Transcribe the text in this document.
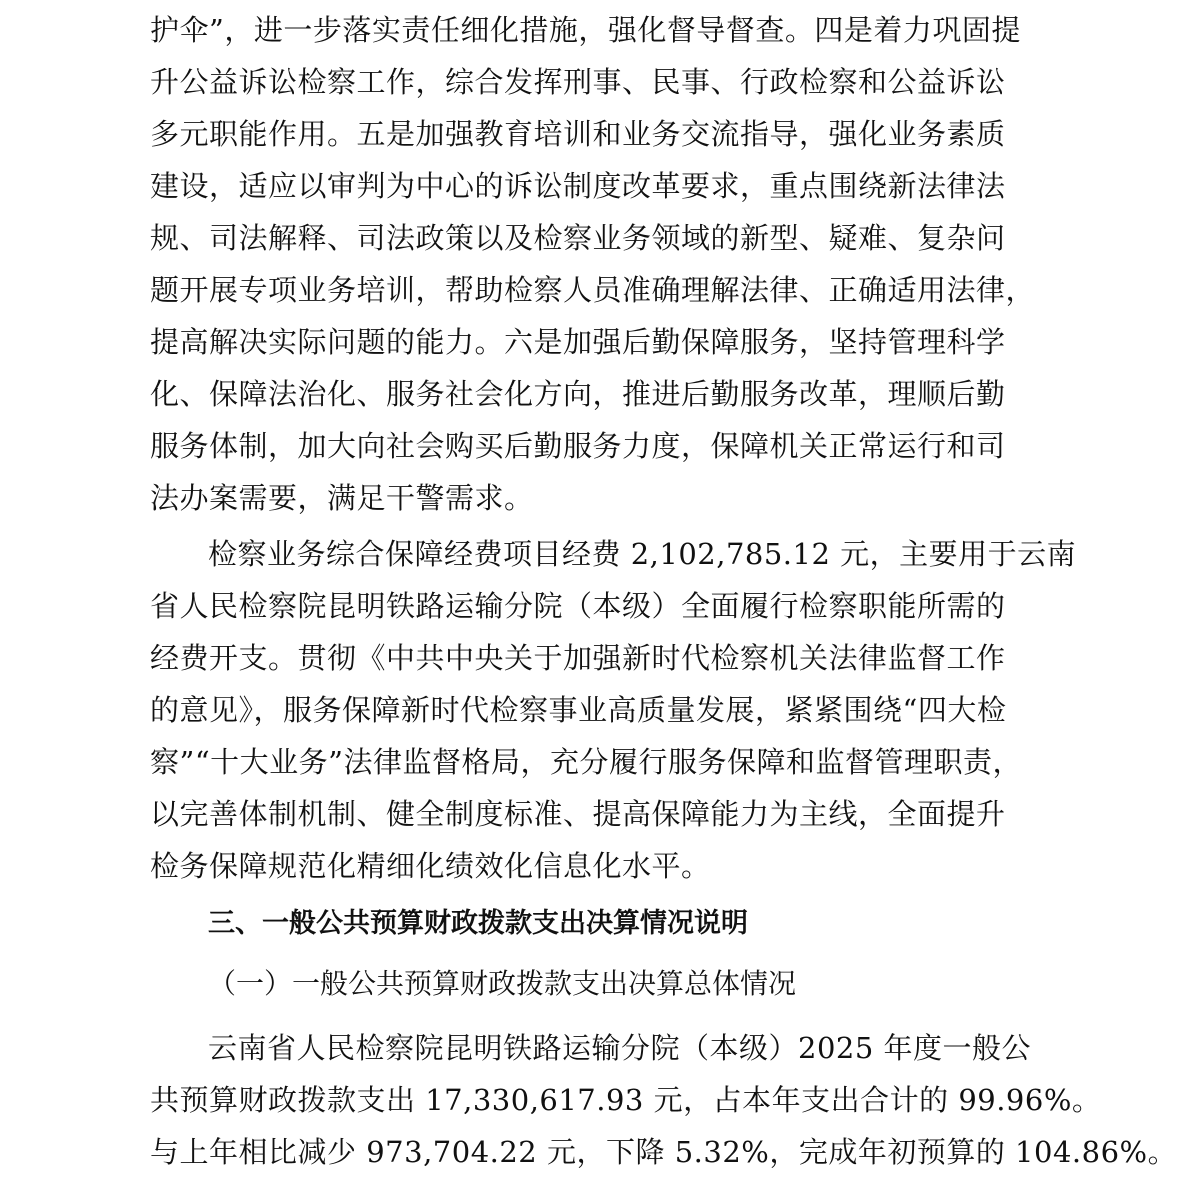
护伞”，进一步落实责任细化措施，强化督导督查。四是着力巩固提
升公益诉讼检察工作，综合发挥刑事、民事、行政检察和公益诉讼
多元职能作用。五是加强教育培训和业务交流指导，强化业务素质
建设，适应以审判为中心的诉讼制度改革要求，重点围绕新法律法
规、司法解释、司法政策以及检察业务领域的新型、疑难、复杂问
题开展专项业务培训，帮助检察人员准确理解法律、正确适用法律，
提高解决实际问题的能力。六是加强后勤保障服务，坚持管理科学
化、保障法治化、服务社会化方向，推进后勤服务改革，理顺后勤
服务体制，加大向社会购买后勤服务力度，保障机关正常运行和司
法办案需要，满足干警需求。
检察业务综合保障经费项目经费 2,102,785.12 元，主要用于云南
省人民检察院昆明铁路运输分院（本级）全面履行检察职能所需的
经费开支。贯彻《中共中央关于加强新时代检察机关法律监督工作
的意见》，服务保障新时代检察事业高质量发展，紧紧围绕“四大检
察”“十大业务”法律监督格局，充分履行服务保障和监督管理职责，
以完善体制机制、健全制度标准、提高保障能力为主线，全面提升
检务保障规范化精细化绩效化信息化水平。
三、一般公共预算财政拨款支出决算情况说明
（一）一般公共预算财政拨款支出决算总体情况
云南省人民检察院昆明铁路运输分院（本级）2025 年度一般公
共预算财政拨款支出 17,330,617.93 元，占本年支出合计的 99.96%。
与上年相比减少 973,704.22 元，下降 5.32%，完成年初预算的 104.86%。
